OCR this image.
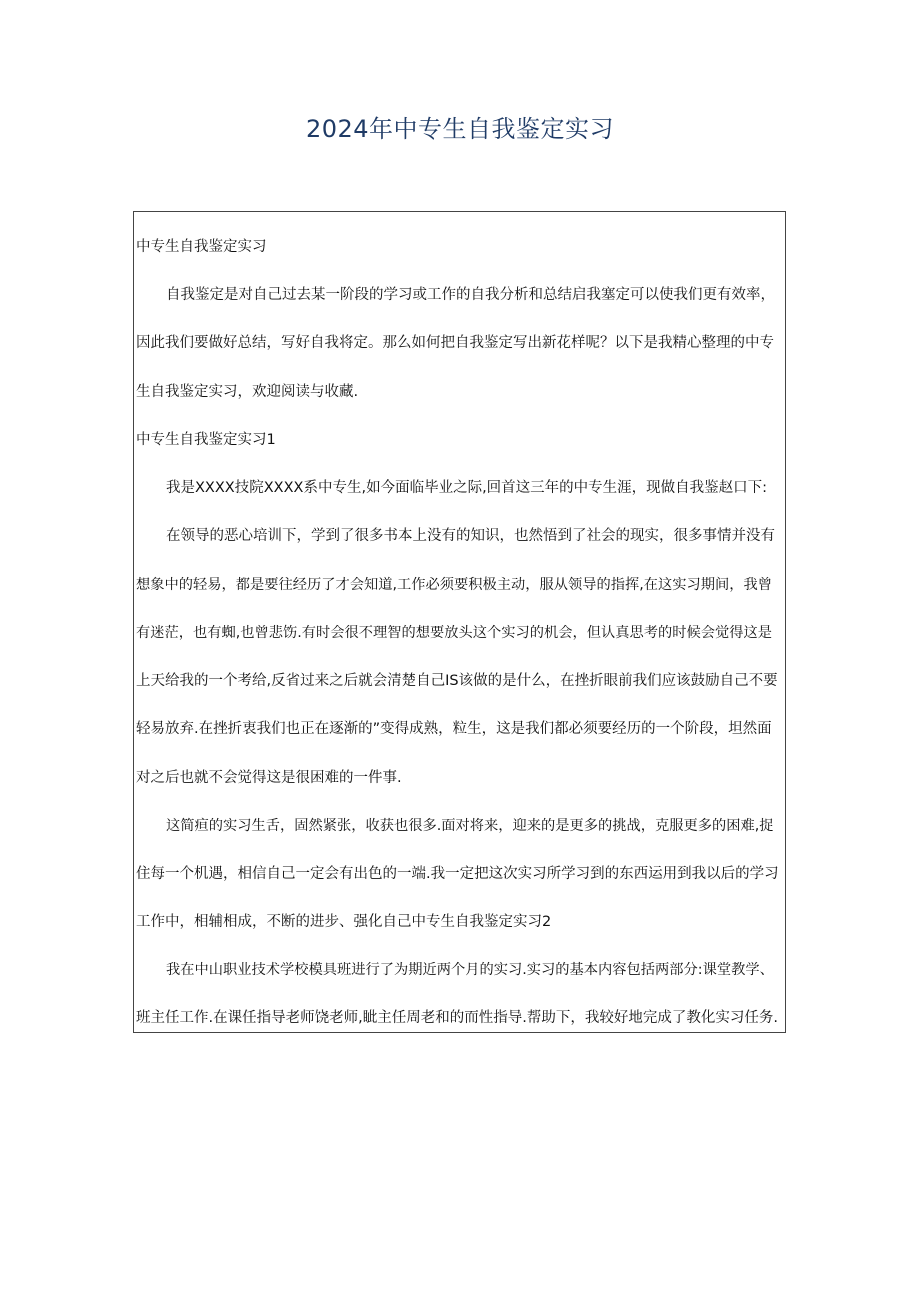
2024年中专生自我鉴定实习

中专生自我鉴定实习

自我鉴定是对自己过去某一阶段的学习或工作的自我分析和总结启我塞定可以使我们更有效率，

因此我们要做好总结，写好自我将定。那么如何把自我鉴定写出新花样呢？以下是我精心整理的中专

生自我鉴定实习，欢迎阅读与收藏.

中专生自我鉴定实习1

我是XXXX技院XXXX系中专生,如今面临毕业之际,回首这三年的中专生涯，现做自我鉴赵口下:

在领导的恶心培训下，学到了很多书本上没有的知识，也然悟到了社会的现实，很多事情并没有

想象中的轻易，都是要往经历了才会知道,工作必须要积极主动，服从领导的指挥,在这实习期间，我曾

有迷茫，也有蜘,也曾悲饬.有时会很不理智的想要放头这个实习的机会，但认真思考的时候会觉得这是

上天给我的一个考给,反省过来之后就会清楚自己IS该做的是什么，在挫折眼前我们应该鼓励自己不要

轻易放弃.在挫折衷我们也正在逐渐的”变得成熟，粒生，这是我们都必须要经历的一个阶段，坦然面

对之后也就不会觉得这是很困难的一件事.

这简疸的实习生舌，固然紧张，收获也很多.面对将来，迎来的是更多的挑战，克服更多的困难,捉

住每一个机遇，相信自己一定会有出色的一端.我一定把这次实习所学习到的东西运用到我以后的学习

工作中，相辅相成，不断的进步、强化自己中专生自我鉴定实习2

我在中山职业技术学校模具班进行了为期近两个月的实习.实习的基本内容包括两部分:课堂教学、

班主任工作.在课任指导老师饶老师,眦主任周老和的而性指导.帮助下，我较好地完成了教化实习任务.
